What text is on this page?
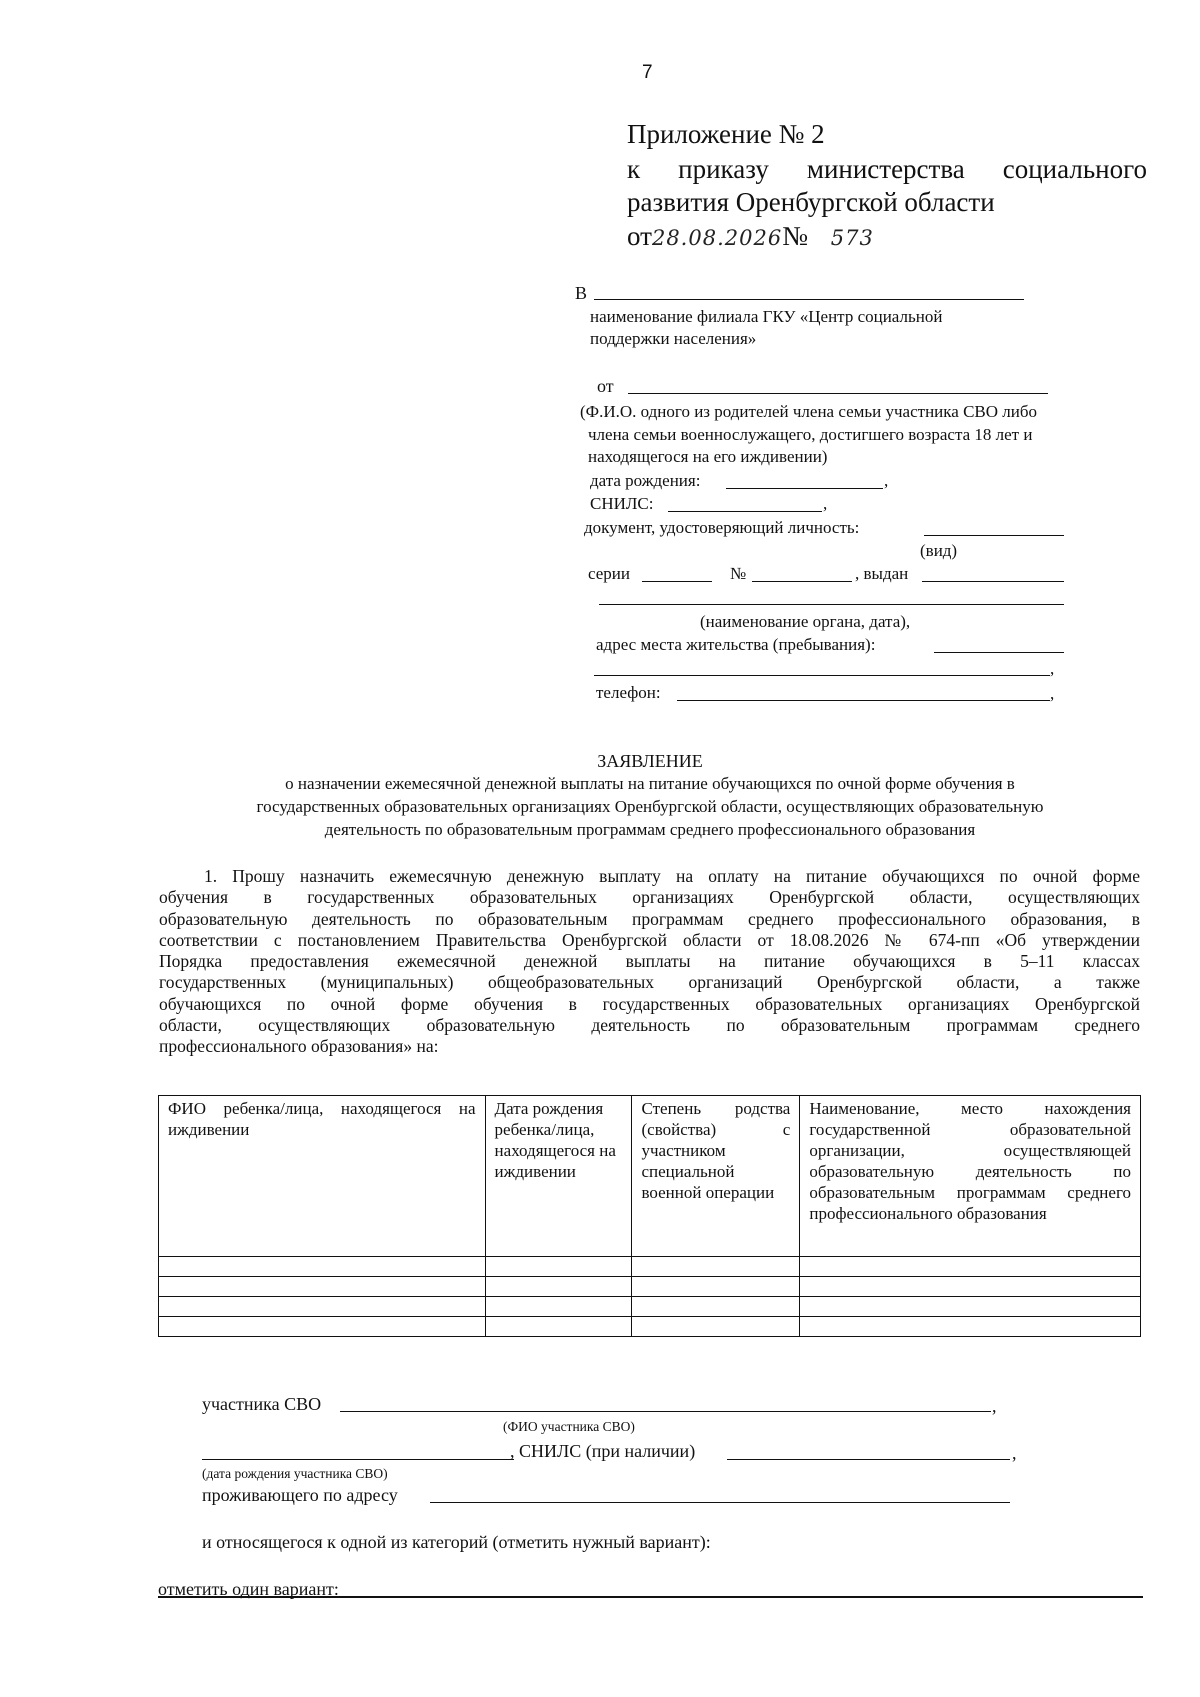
7
Приложение № 2
к приказу министерства социального
развития Оренбургской области
от28.08.2026№ 573
В
наименование филиала ГКУ «Центр социальной
поддержки населения»
от
(Ф.И.О. одного из родителей члена семьи участника СВО либо
члена семьи военнослужащего, достигшего возраста 18 лет и
находящегося на его иждивении)
дата рождения:	,
СНИЛС:	,
документ, удостоверяющий личность:
(вид)
серии	№	, выдан
(наименование органа, дата),
адрес места жительства (пребывания):
,
телефон:	,
ЗАЯВЛЕНИЕ
о назначении ежемесячной денежной выплаты на питание обучающихся по очной форме обучения в
государственных образовательных организациях Оренбургской области, осуществляющих образовательную
деятельность по образовательным программам среднего профессионального образования
1. Прошу назначить ежемесячную денежную выплату на оплату на питание обучающихся по очной форме
обучения в государственных образовательных организациях Оренбургской области, осуществляющих
образовательную деятельность по образовательным программам среднего профессионального образования, в
соответствии с постановлением Правительства Оренбургской области от 18.08.2026 № 674-пп «Об утверждении
Порядка предоставления ежемесячной денежной выплаты на питание обучающихся в 5–11 классах
государственных (муниципальных) общеобразовательных организаций Оренбургской области, а также
обучающихся по очной форме обучения в государственных образовательных организациях Оренбургской
области, осуществляющих образовательную деятельность по образовательным программам среднего
профессионального образования» на:
ФИО ребенка/лица, находящегося на иждивении	Дата рождения ребенка/лица, находящегося на иждивении	Степень родства (свойства) с участником специальной военной операции	Наименование, место нахождения государственной образовательной организации, осуществляющей образовательную деятельность по образовательным программам среднего профессионального образования

участника СВО	,
(ФИО участника СВО)
, СНИЛС (при наличии)	,
(дата рождения участника СВО)
проживающего по адресу
и относящегося к одной из категорий (отметить нужный вариант):
отметить один вариант:
